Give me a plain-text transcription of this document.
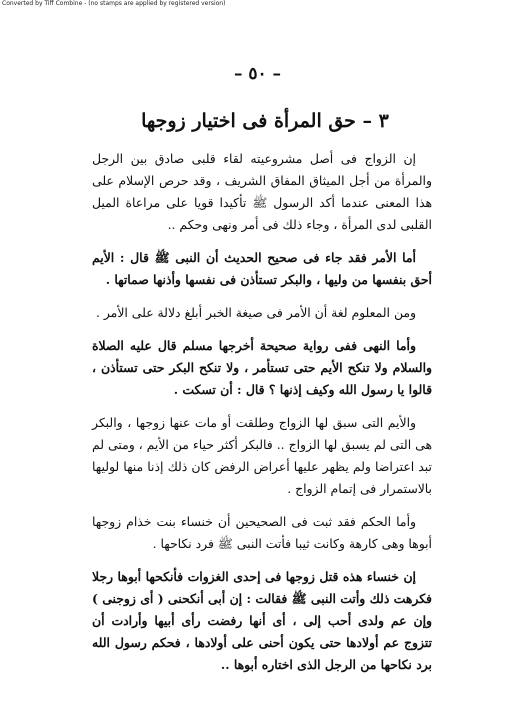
Converted by Tiff Combine - (no stamps are applied by registered version)
– ٥٠ –
٣ – حق المرأة فى اختيار زوجها

إن الزواج فى أصل مشروعيته لقاء قلبى صادق بين الرجل والمرأة من أجل الميثاق المفاق الشريف ، وقد حرص الإسلام على هذا المعنى عندما أكد الرسول ﷺ تأكيدا قويا على مراعاة الميل القلبى لدى المرأة ، وجاء ذلك فى أمر ونهى وحكم ..

أما الأمر فقد جاء فى صحيح الحديث أن النبى ﷺ قال : الأيم أحق بنفسها من وليها ، والبكر تستأذن فى نفسها وأذنها صماتها .

ومن المعلوم لغة أن الأمر فى صيغة الخبر أبلغ دلالة على الأمر .

وأما النهى ففى رواية صحيحة أخرجها مسلم قال عليه الصلاة والسلام ولا تنكح الأيم حتى تستأمر ، ولا تنكح البكر حتى تستأذن ، قالوا يا رسول الله وكيف إذنها ؟ قال : أن تسكت .

والأيم التى سبق لها الزواج وطلقت أو مات عنها زوجها ، والبكر هى التى لم يسبق لها الزواج .. فالبكر أكثر حياء من الأيم ، ومتى لم تبد اعتراضا ولم يظهر عليها أعراض الرفض كان ذلك إذنا منها لوليها بالاستمرار فى إتمام الزواج .

وأما الحكم فقد ثبت فى الصحيحين أن خنساء بنت خذام زوجها أبوها وهى كارهة وكانت ثيبا فأتت النبى ﷺ فرد نكاحها .

إن خنساء هذه قتل زوجها فى إحدى الغزوات فأنكحها أبوها رجلا فكرهت ذلك وأتت النبى ﷺ فقالت : إن أبى أنكحنى ( أى زوجنى ) وإن عم ولدى أحب إلى ، أى أنها رفضت رأى أبيها وأرادت أن تتزوج عم أولادها حتى يكون أحنى على أولادها ، فحكم رسول الله برد نكاحها من الرجل الذى اختاره أبوها ..
